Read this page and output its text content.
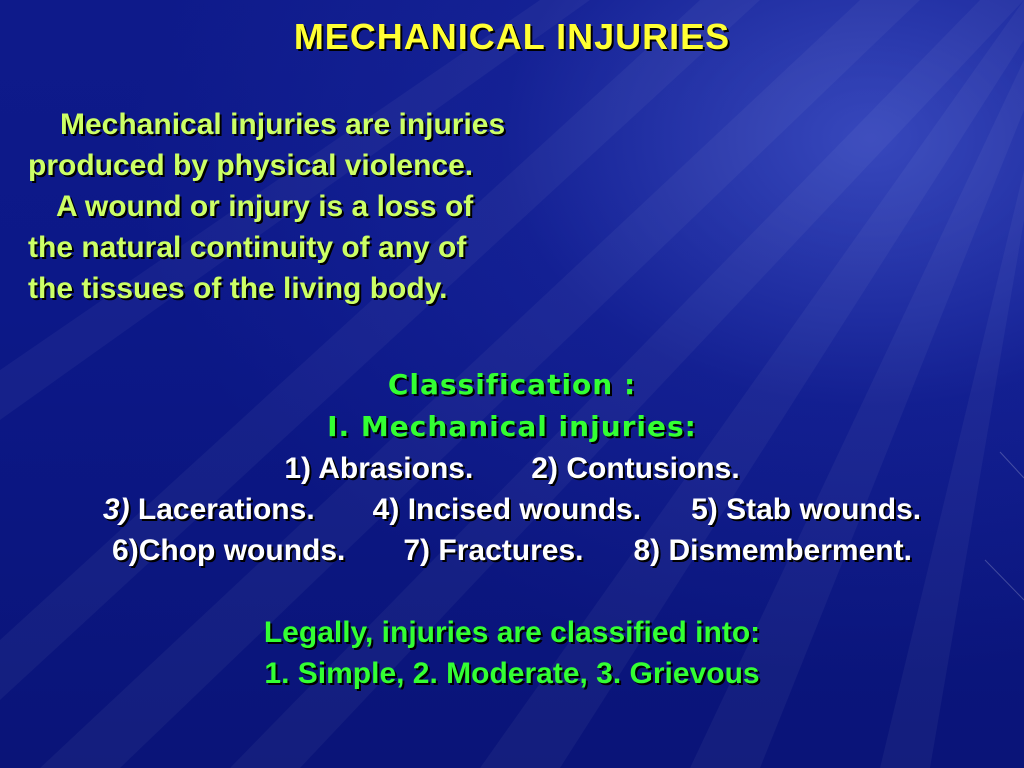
MECHANICAL INJURIES
Mechanical injuries are injuries
produced by physical violence.
A wound or injury is a loss of
the natural continuity of any of
the tissues of the living body.
Classification :
I. Mechanical injuries:
1) Abrasions. 2) Contusions.
3) Lacerations. 4) Incised wounds. 5) Stab wounds.
6)Chop wounds. 7) Fractures. 8) Dismemberment.
Legally, injuries are classified into:
1. Simple, 2. Moderate, 3. Grievous
